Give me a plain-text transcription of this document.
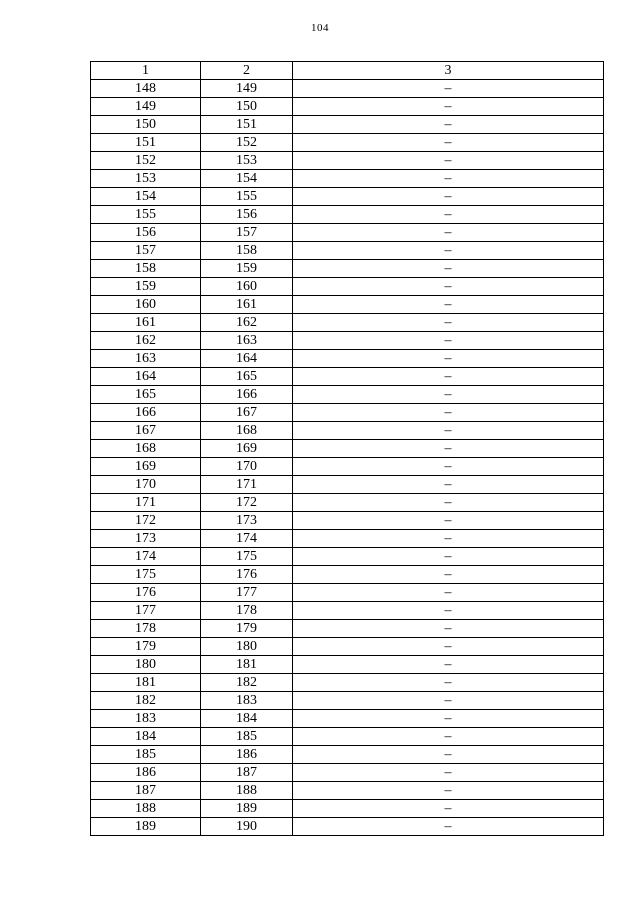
104
1	2	3
148	149	–
149	150	–
150	151	–
151	152	–
152	153	–
153	154	–
154	155	–
155	156	–
156	157	–
157	158	–
158	159	–
159	160	–
160	161	–
161	162	–
162	163	–
163	164	–
164	165	–
165	166	–
166	167	–
167	168	–
168	169	–
169	170	–
170	171	–
171	172	–
172	173	–
173	174	–
174	175	–
175	176	–
176	177	–
177	178	–
178	179	–
179	180	–
180	181	–
181	182	–
182	183	–
183	184	–
184	185	–
185	186	–
186	187	–
187	188	–
188	189	–
189	190	–
